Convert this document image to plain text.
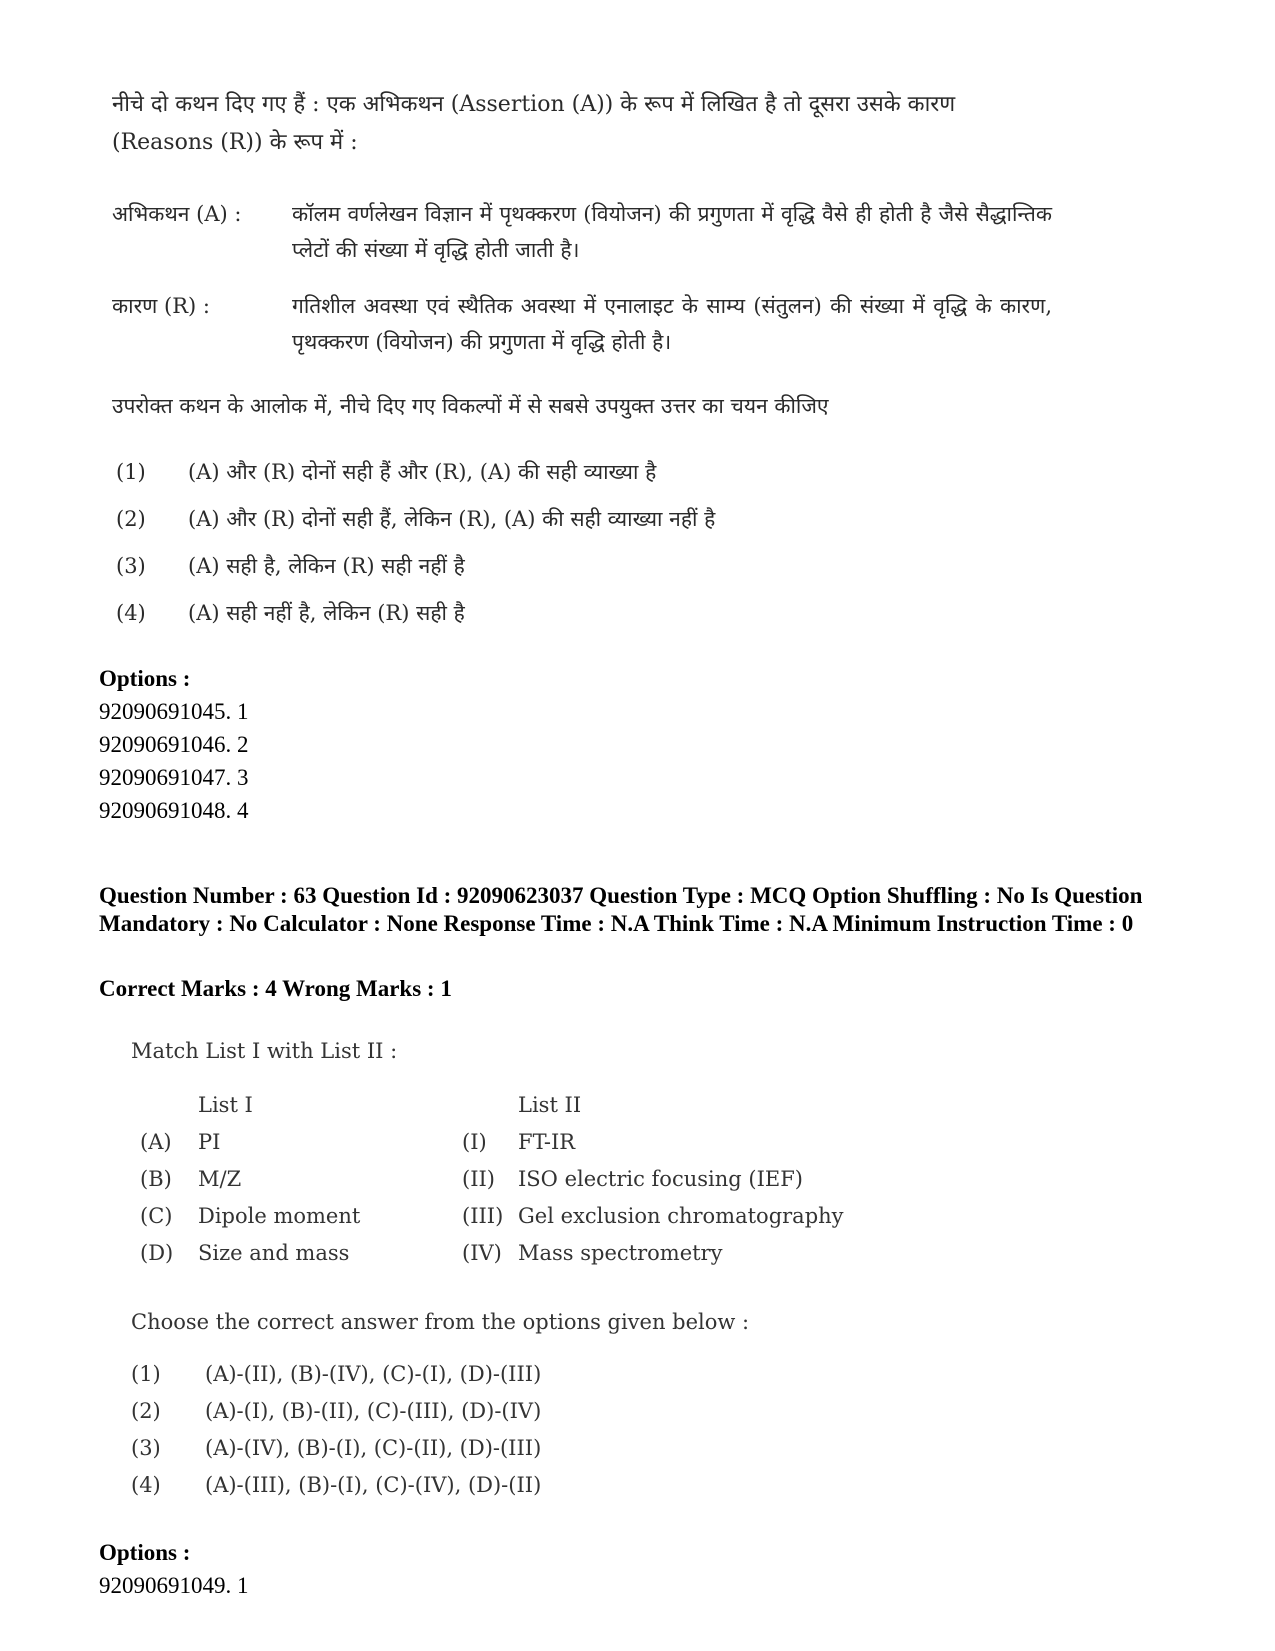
नीचे दो कथन दिए गए हैं : एक अभिकथन (Assertion (A)) के रूप में लिखित है तो दूसरा उसके कारण (Reasons (R)) के रूप में :
अभिकथन (A) :	कॉलम वर्णलेखन विज्ञान में पृथक्करण (वियोजन) की प्रगुणता में वृद्धि वैसे ही होती है जैसे सैद्धान्तिक प्लेटों की संख्या में वृद्धि होती जाती है।
कारण (R) :	गतिशील अवस्था एवं स्थैतिक अवस्था में एनालाइट के साम्य (संतुलन) की संख्या में वृद्धि के कारण, पृथक्करण (वियोजन) की प्रगुणता में वृद्धि होती है।
उपरोक्त कथन के आलोक में, नीचे दिए गए विकल्पों में से सबसे उपयुक्त उत्तर का चयन कीजिए
(1) (A) और (R) दोनों सही हैं और (R), (A) की सही व्याख्या है
(2) (A) और (R) दोनों सही हैं, लेकिन (R), (A) की सही व्याख्या नहीं है
(3) (A) सही है, लेकिन (R) सही नहीं है
(4) (A) सही नहीं है, लेकिन (R) सही है
Options :
92090691045. 1
92090691046. 2
92090691047. 3
92090691048. 4
Question Number : 63 Question Id : 92090623037 Question Type : MCQ Option Shuffling : No Is Question Mandatory : No Calculator : None Response Time : N.A Think Time : N.A Minimum Instruction Time : 0
Correct Marks : 4 Wrong Marks : 1
Match List I with List II :
List I	List II
(A) PI	(I) FT-IR
(B) M/Z	(II) ISO electric focusing (IEF)
(C) Dipole moment	(III) Gel exclusion chromatography
(D) Size and mass	(IV) Mass spectrometry
Choose the correct answer from the options given below :
(1) (A)-(II), (B)-(IV), (C)-(I), (D)-(III)
(2) (A)-(I), (B)-(II), (C)-(III), (D)-(IV)
(3) (A)-(IV), (B)-(I), (C)-(II), (D)-(III)
(4) (A)-(III), (B)-(I), (C)-(IV), (D)-(II)
Options :
92090691049. 1
